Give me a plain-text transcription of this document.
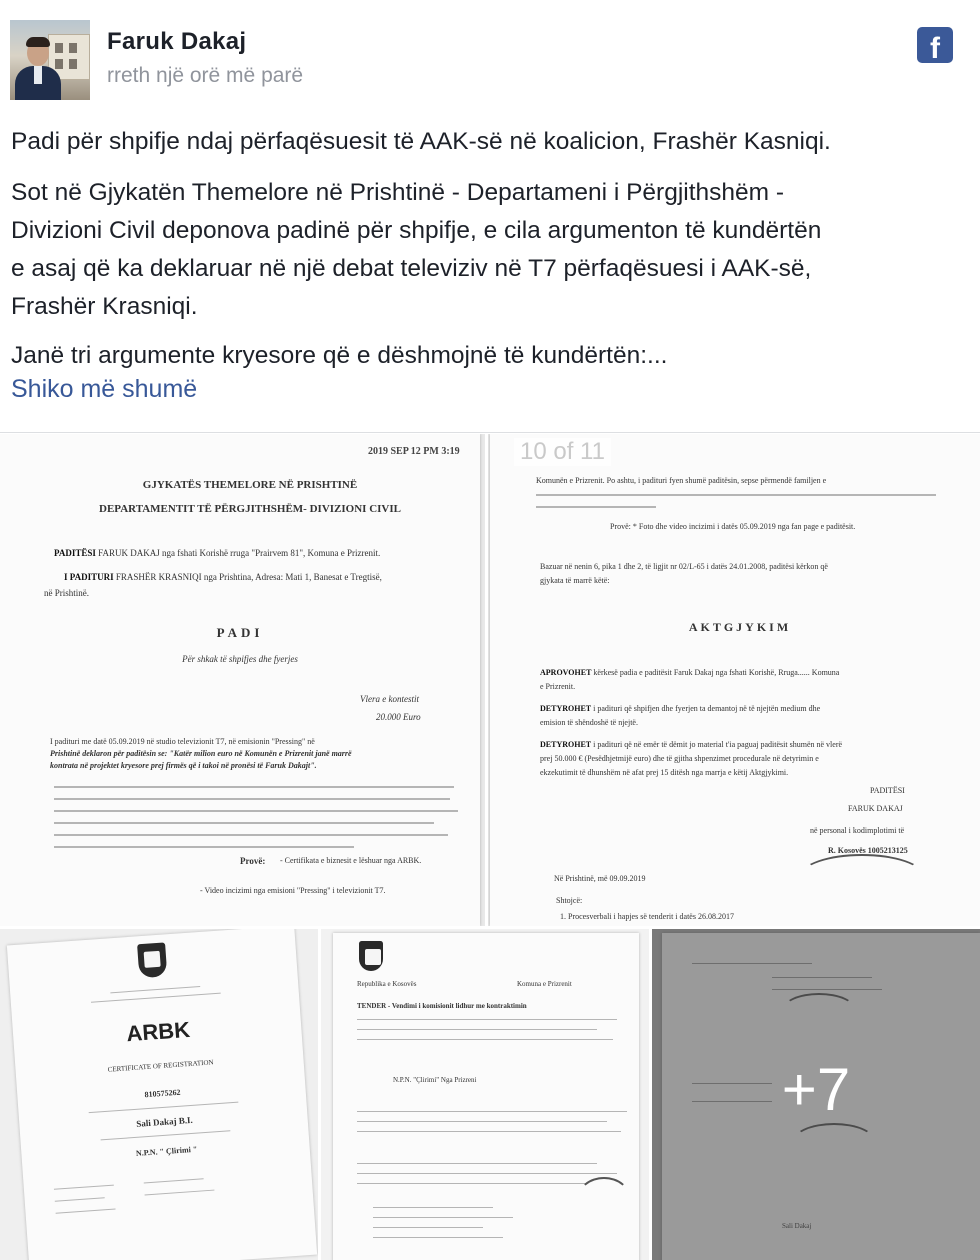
Faruk Dakaj
rreth një orë më parë
f
Padi për shpifje ndaj përfaqësuesit të AAK-së në koalicion, Frashër Kasniqi.
Sot në Gjykatën Themelore në Prishtinë - Departameni i Përgjithshëm -
Divizioni Civil deponova padinë për shpifje, e cila argumenton të kundërtën
e asaj që ka deklaruar në një debat televiziv në T7 përfaqësuesi i AAK-së,
Frashër Krasniqi.
Janë tri argumente kryesore që e dëshmojnë të kundërtën:...
Shiko më shumë
2019 SEP 12 PM 3:19
GJYKATËS THEMELORE NË PRISHTINË
DEPARTAMENTIT TË PËRGJITHSHËM- DIVIZIONI CIVIL
PADITËSI FARUK DAKAJ nga fshati Korishë rruga "Prairvem 81", Komuna e Prizrenit.
I PADITURI FRASHËR KRASNIQI nga Prishtina, Adresa: Mati 1, Banesat e Tregtisë,
në Prishtinë.
PADI
Për shkak të shpifjes dhe fyerjes
Vlera e kontestit
20.000 Euro
I padituri me datë 05.09.2019 në studio televizionit T7, në emisionin "Pressing" në
Prishtinë deklaron për paditësin se: "Katër milion euro në Komunën e Prizrenit janë marrë
kontrata në projektet kryesore prej firmës që i takoi në pronësi të Faruk Dakajt".
Provë: - Certifikata e biznesit e lëshuar nga ARBK.
- Video incizimi nga emisioni "Pressing" i televizionit T7.
Komunën e Prizrenit. Po ashtu, i padituri fyen shumë paditësin, sepse përmendë familjen e
Provë: * Foto dhe video incizimi i datës 05.09.2019 nga fan page e paditësit.
Bazuar në nenin 6, pika 1 dhe 2, të ligjit nr 02/L-65 i datës 24.01.2008, paditësi kërkon që
gjykata të marrë këtë:
AKTGJYKIM
APROVOHET kërkesë padia e paditësit Faruk Dakaj nga fshati Korishë, Rruga...... Komuna
e Prizrenit.
DETYROHET i padituri që shpifjen dhe fyerjen ta demantoj në të njejtën medium dhe
emision të shëndoshë të njejtë.
DETYROHET i padituri që në emër të dëmit jo material t'ia paguaj paditësit shumën në vlerë
prej 50.000 € (Pesëdhjetmijë euro) dhe të gjitha shpenzimet procedurale në detyrimin e
ekzekutimit të dhunshëm në afat prej 15 ditësh nga marrja e këtij Aktgjykimi.
PADITËSI
FARUK DAKAJ
në personal i kodimplotimi të
R. Kosovës 1005213125
Në Prishtinë, më 09.09.2019
Shtojcë:
1. Procesverbali i hapjes së tenderit i datës 26.08.2017
10 of 11
ARBK
CERTIFICATE OF REGISTRATION
810575262
Sali Dakaj B.I.
N.P.N. " Çlirimi "
Republika e Kosovës	Komuna e Prizrenit
TENDER - Vendimi i komisionit lidhur me kontraktimin
N.P.N. "Çlirimi" Nga Prizreni
Sali Dakaj
+7
